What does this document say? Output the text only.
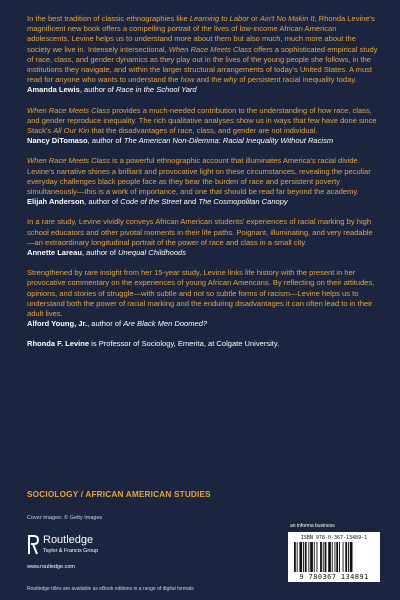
In the best tradition of classic ethnographies like Learning to Labor or Ain't No Makin It, Rhonda Levine's magnificent new book offers a compelling portrait of the lives of low-income African American adolescents. Levine helps us to understand more about them but also much, much more about the society we live in. Intensely intersectional, When Race Meets Class offers a sophisticated empirical study of race, class, and gender dynamics as they play out in the lives of the young people she follows, in the institutions they navigate, and within the larger structural arrangements of today's United States. A must read for anyone who wants to understand the how and the why of persistent racial inequality today.

Amanda Lewis, author of Race in the School Yard

When Race Meets Class provides a much-needed contribution to the understanding of how race, class, and gender reproduce inequality. The rich qualitative analyses show us in ways that few have done since Stack's All Our Kin that the disadvantages of race, class, and gender are not individual.

Nancy DiTomaso, author of The American Non-Dilemma: Racial Inequality Without Racism

When Race Meets Class is a powerful ethnographic account that illuminates America's racial divide. Levine's narrative shines a brilliant and provocative light on these circumstances, revealing the peculiar everyday challenges black people face as they bear the burden of race and persistent poverty simultaneously—this is a work of importance, and one that should be read far beyond the academy.

Elijah Anderson, author of Code of the Street and The Cosmopolitan Canopy

In a rare study, Levine vividly conveys African American students' experiences of racial marking by high school educators and other pivotal moments in their life paths. Poignant, illuminating, and very readable—an extraordinary longitudinal portrait of the power of race and class in a small city.

Annette Lareau, author of Unequal Childhoods

Strengthened by rare insight from her 15-year study, Levine links life history with the present in her provocative commentary on the experiences of young African Americans. By reflecting on their attitudes, opinions, and stories of struggle—with subtle and not so subtle forms of racism—Levine helps us to understand both the power of racial marking and the enduring disadvantages it can often lead to in their adult lives.

Alford Young, Jr., author of Are Black Men Doomed?
Rhonda F. Levine is Professor of Sociology, Emerita, at Colgate University.
SOCIOLOGY / AFRICAN AMERICAN STUDIES
Cover images: © Getty Images
Routledge
Taylor & Francis Group
www.routledge.com
an informa business
ISBN 978-0-367-13489-1
9 780367 134891
Routledge titles are available as eBook editions in a range of digital formats
